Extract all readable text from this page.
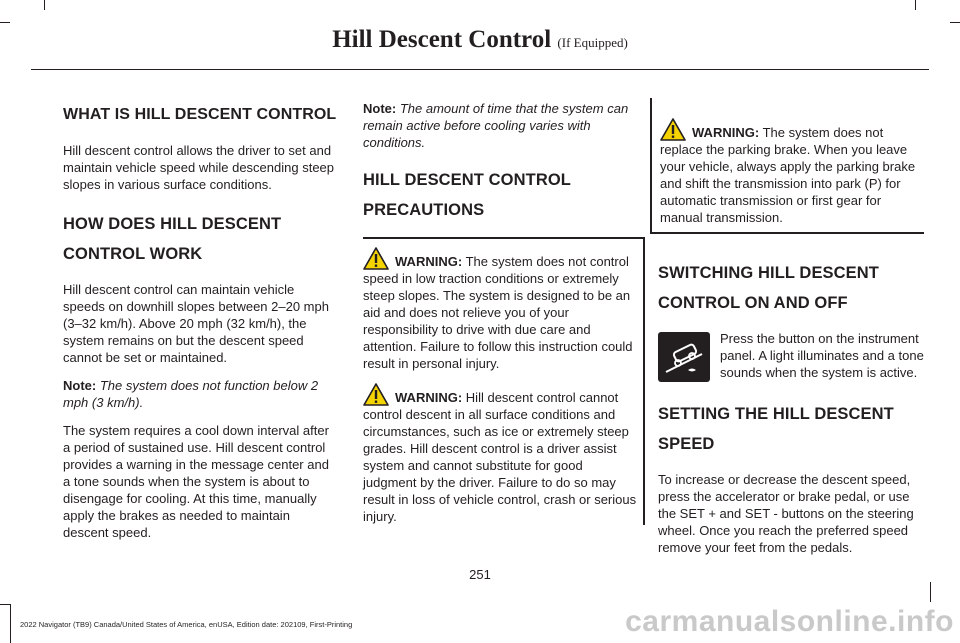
Hill Descent Control (If Equipped)
WHAT IS HILL DESCENT CONTROL

Hill descent control allows the driver to set and maintain vehicle speed while descending steep slopes in various surface conditions.

HOW DOES HILL DESCENT
CONTROL WORK

Hill descent control can maintain vehicle speeds on downhill slopes between 2–20 mph (3–32 km/h). Above 20 mph (32 km/h), the system remains on but the descent speed cannot be set or maintained.

Note: The system does not function below 2 mph (3 km/h).

The system requires a cool down interval after a period of sustained use. Hill descent control provides a warning in the message center and a tone sounds when the system is about to disengage for cooling. At this time, manually apply the brakes as needed to maintain descent speed.

Note: The amount of time that the system can remain active before cooling varies with conditions.

HILL DESCENT CONTROL
PRECAUTIONS

WARNING: The system does not control speed in low traction conditions or extremely steep slopes. The system is designed to be an aid and does not relieve you of your responsibility to drive with due care and attention. Failure to follow this instruction could result in personal injury.

WARNING: Hill descent control cannot control descent in all surface conditions and circumstances, such as ice or extremely steep grades. Hill descent control is a driver assist system and cannot substitute for good judgment by the driver. Failure to do so may result in loss of vehicle control, crash or serious injury.

WARNING: The system does not replace the parking brake. When you leave your vehicle, always apply the parking brake and shift the transmission into park (P) for automatic transmission or first gear for manual transmission.

SWITCHING HILL DESCENT
CONTROL ON AND OFF

Press the button on the instrument panel. A light illuminates and a tone sounds when the system is active.

SETTING THE HILL DESCENT
SPEED

To increase or decrease the descent speed, press the accelerator or brake pedal, or use the SET + and SET - buttons on the steering wheel. Once you reach the preferred speed remove your feet from the pedals.

251
2022 Navigator (TB9) Canada/United States of America, enUSA, Edition date: 202109, First-Printing	carmanualsonline.info
